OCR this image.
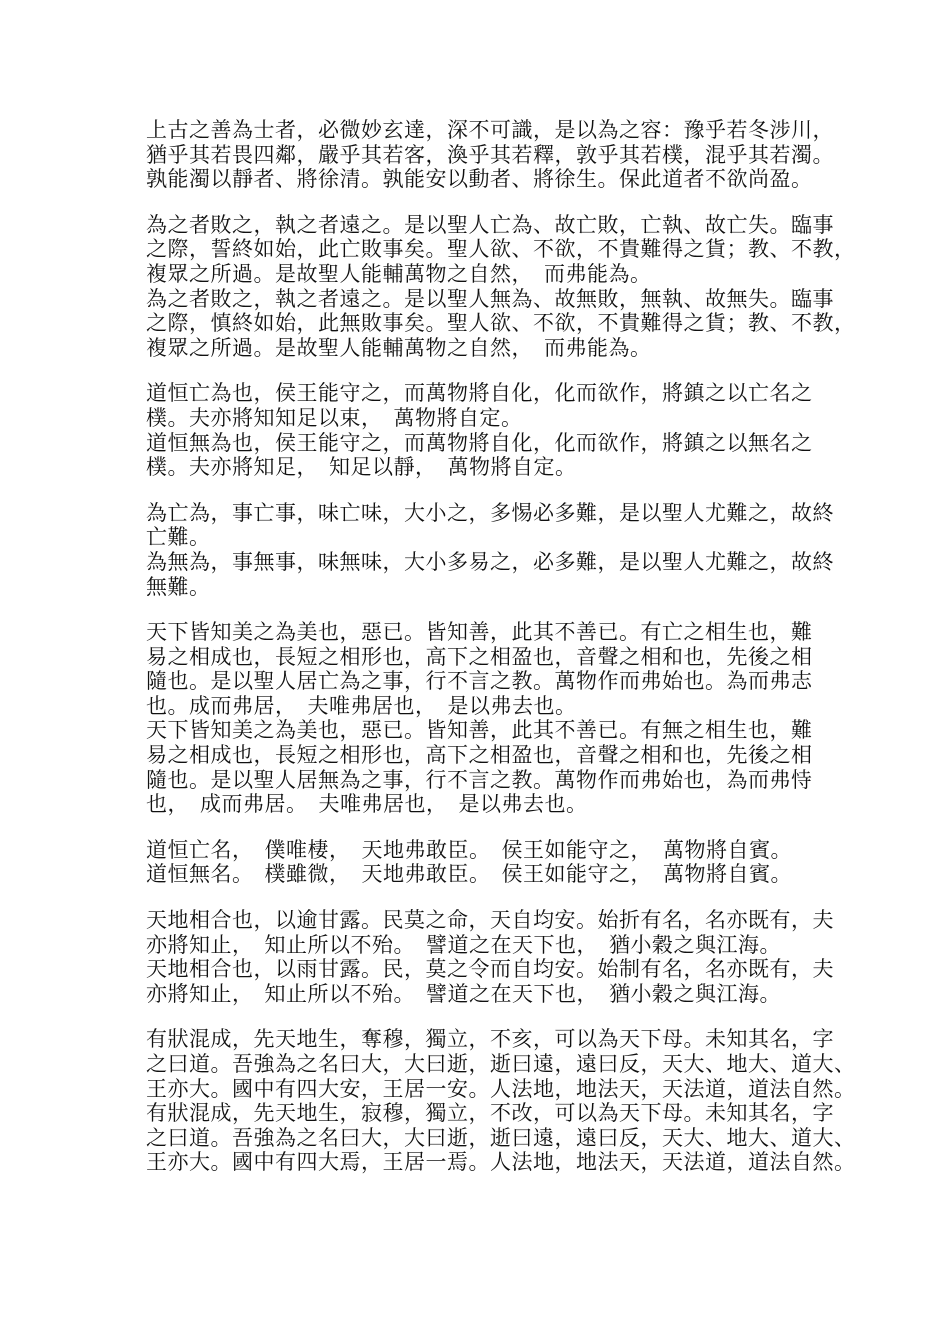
上古之善為士者，必微妙玄達，深不可識，是以為之容：豫乎若冬涉川，
猶乎其若畏四鄰，嚴乎其若客，渙乎其若釋，敦乎其若樸，混乎其若濁。
孰能濁以靜者、將徐清。孰能安以動者、將徐生。保此道者不欲尚盈。
為之者敗之，執之者遠之。是以聖人亡為、故亡敗，亡執、故亡失。臨事
之際，誓終如始，此亡敗事矣。聖人欲、不欲，不貴難得之貨；教、不教，
複眾之所過。是故聖人能輔萬物之自然，　而弗能為。
為之者敗之，執之者遠之。是以聖人無為、故無敗，無執、故無失。臨事
之際，慎終如始，此無敗事矣。聖人欲、不欲，不貴難得之貨；教、不教，
複眾之所過。是故聖人能輔萬物之自然，　而弗能為。
道恒亡為也，侯王能守之，而萬物將自化，化而欲作，將鎮之以亡名之
樸。夫亦將知知足以束，　萬物將自定。
道恒無為也，侯王能守之，而萬物將自化，化而欲作，將鎮之以無名之
樸。夫亦將知足，　知足以靜，　萬物將自定。
為亡為，事亡事，味亡味，大小之，多惕必多難，是以聖人尤難之，故終
亡難。
為無為，事無事，味無味，大小多易之，必多難，是以聖人尤難之，故終
無難。
天下皆知美之為美也，惡已。皆知善，此其不善已。有亡之相生也，難
易之相成也，長短之相形也，高下之相盈也，音聲之相和也，先後之相
隨也。是以聖人居亡為之事，行不言之教。萬物作而弗始也。為而弗志
也。成而弗居，　夫唯弗居也，　是以弗去也。
天下皆知美之為美也，惡已。皆知善，此其不善已。有無之相生也，難
易之相成也，長短之相形也，高下之相盈也，音聲之相和也，先後之相
隨也。是以聖人居無為之事，行不言之教。萬物作而弗始也，為而弗恃
也，　成而弗居。　夫唯弗居也，　是以弗去也。
道恒亡名，　僕唯棲，　天地弗敢臣。　侯王如能守之，　萬物將自賓。
道恒無名。　樸雖微，　天地弗敢臣。　侯王如能守之，　萬物將自賓。
天地相合也，以逾甘露。民莫之命，天自均安。始折有名，名亦既有，夫
亦將知止，　知止所以不殆。　譬道之在天下也，　猶小穀之與江海。
天地相合也，以雨甘露。民，莫之令而自均安。始制有名，名亦既有，夫
亦將知止，　知止所以不殆。　譬道之在天下也，　猶小穀之與江海。
有狀混成，先天地生，奪穆，獨立，不亥，可以為天下母。未知其名，字
之曰道。吾強為之名曰大，大曰逝，逝曰遠，遠曰反，天大、地大、道大、
王亦大。國中有四大安，王居一安。人法地，地法天，天法道，道法自然。
有狀混成，先天地生，寂穆，獨立，不改，可以為天下母。未知其名，字
之曰道。吾強為之名曰大，大曰逝，逝曰遠，遠曰反，天大、地大、道大、
王亦大。國中有四大焉，王居一焉。人法地，地法天，天法道，道法自然。
